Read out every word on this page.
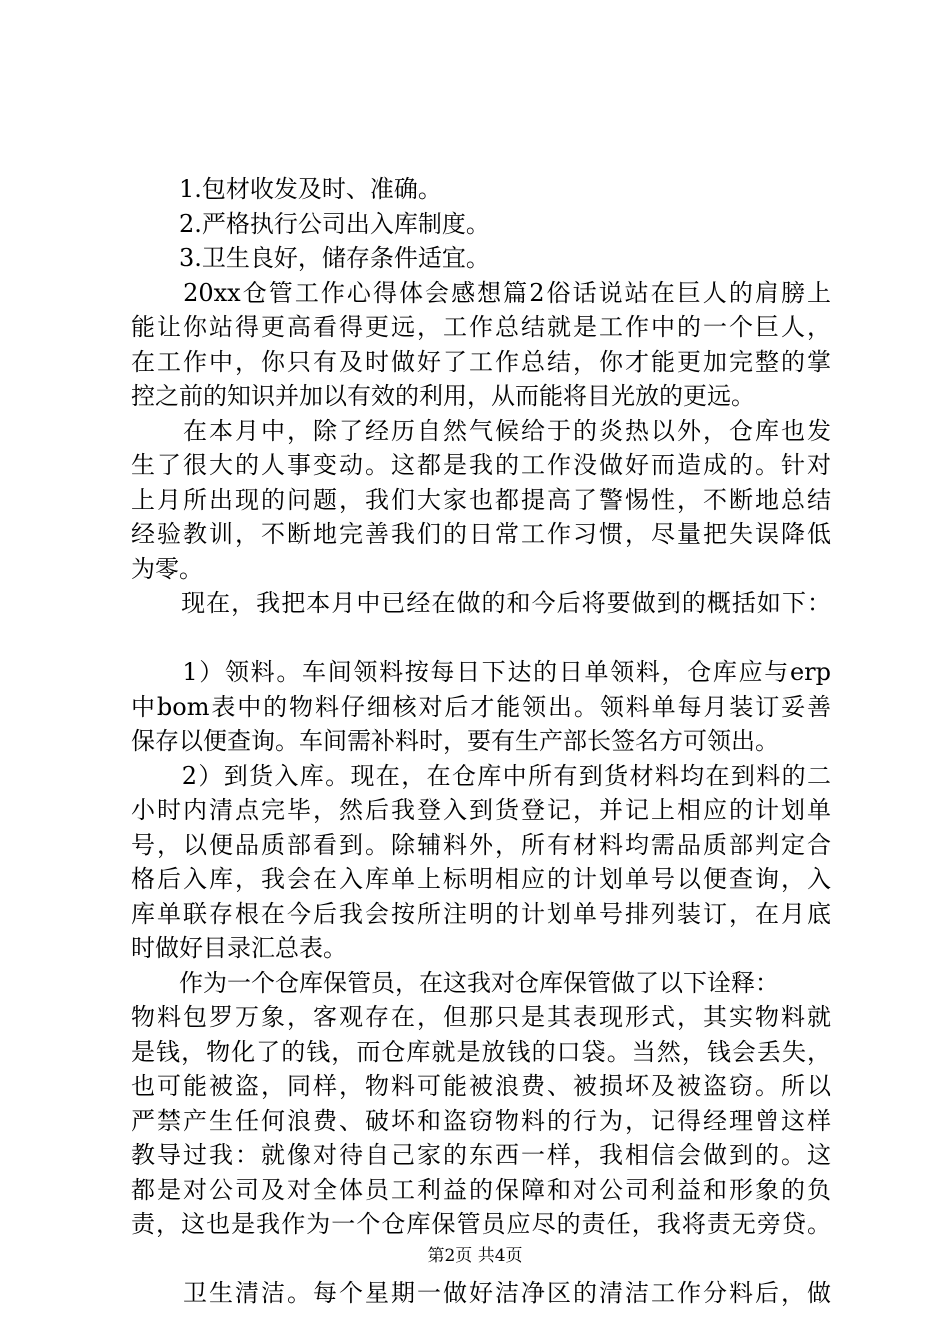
　　1.包材收发及时、准确。
　　2.严格执行公司出入库制度。
　　3.卫生良好，储存条件适宜。
　　20xx仓管工作心得体会感想篇2俗话说站在巨人的肩膀上
能让你站得更高看得更远，工作总结就是工作中的一个巨人，
在工作中，你只有及时做好了工作总结，你才能更加完整的掌
控之前的知识并加以有效的利用，从而能将目光放的更远。
　　在本月中，除了经历自然气候给于的炎热以外，仓库也发
生了很大的人事变动。这都是我的工作没做好而造成的。针对
上月所出现的问题，我们大家也都提高了警惕性，不断地总结
经验教训，不断地完善我们的日常工作习惯，尽量把失误降低
为零。
　　现在，我把本月中已经在做的和今后将要做到的概括如下：
　　1）领料。车间领料按每日下达的日单领料，仓库应与erp
中bom表中的物料仔细核对后才能领出。领料单每月装订妥善
保存以便查询。车间需补料时，要有生产部长签名方可领出。
　　2）到货入库。现在，在仓库中所有到货材料均在到料的二
小时内清点完毕，然后我登入到货登记，并记上相应的计划单
号，以便品质部看到。除辅料外，所有材料均需品质部判定合
格后入库，我会在入库单上标明相应的计划单号以便查询，入
库单联存根在今后我会按所注明的计划单号排列装订，在月底
时做好目录汇总表。
　　作为一个仓库保管员，在这我对仓库保管做了以下诠释：
物料包罗万象，客观存在，但那只是其表现形式，其实物料就
是钱，物化了的钱，而仓库就是放钱的口袋。当然，钱会丢失，
也可能被盗，同样，物料可能被浪费、被损坏及被盗窃。所以
严禁产生任何浪费、破坏和盗窃物料的行为，记得经理曾这样
教导过我：就像对待自己家的东西一样，我相信会做到的。这
都是对公司及对全体员工利益的保障和对公司利益和形象的负
责，这也是我作为一个仓库保管员应尽的责任，我将责无旁贷。
　　卫生清洁。每个星期一做好洁净区的清洁工作分料后，做
第2页 共4页
